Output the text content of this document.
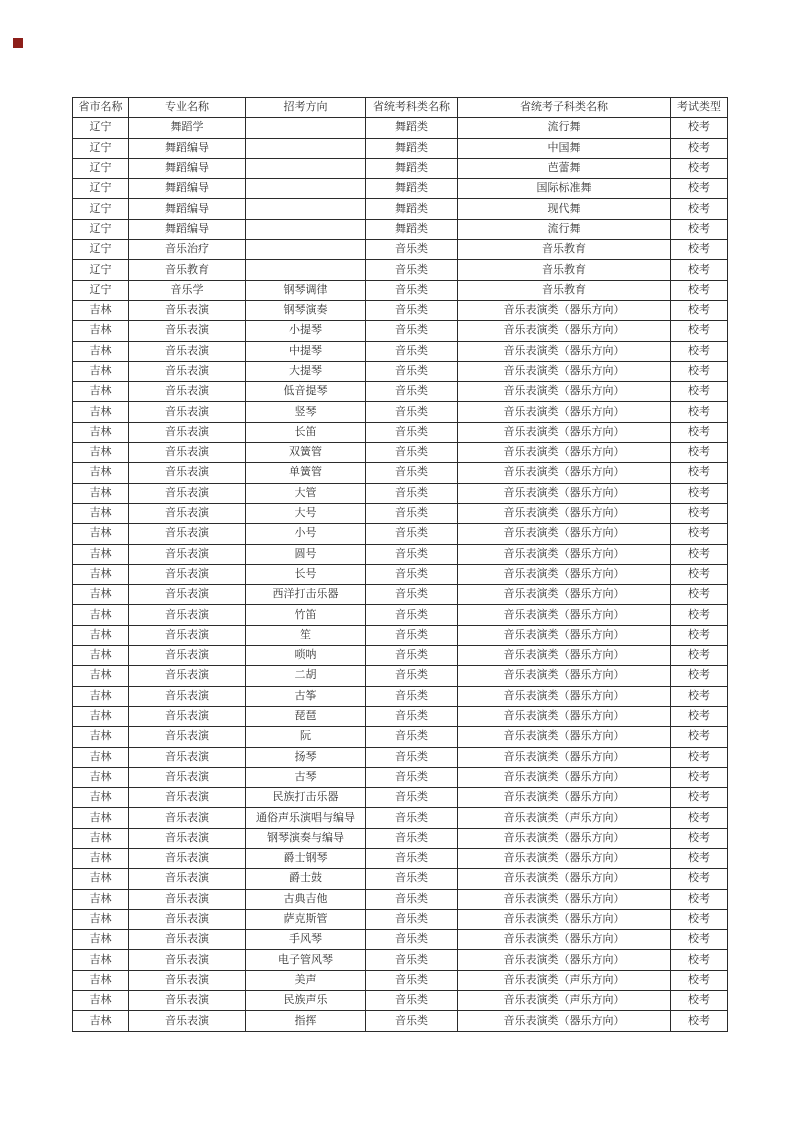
省市名称	专业名称	招考方向	省统考科类名称	省统考子科类名称	考试类型
辽宁	舞蹈学		舞蹈类	流行舞	校考
辽宁	舞蹈编导		舞蹈类	中国舞	校考
辽宁	舞蹈编导		舞蹈类	芭蕾舞	校考
辽宁	舞蹈编导		舞蹈类	国际标准舞	校考
辽宁	舞蹈编导		舞蹈类	现代舞	校考
辽宁	舞蹈编导		舞蹈类	流行舞	校考
辽宁	音乐治疗		音乐类	音乐教育	校考
辽宁	音乐教育		音乐类	音乐教育	校考
辽宁	音乐学	钢琴调律	音乐类	音乐教育	校考
吉林	音乐表演	钢琴演奏	音乐类	音乐表演类（器乐方向）	校考
吉林	音乐表演	小提琴	音乐类	音乐表演类（器乐方向）	校考
吉林	音乐表演	中提琴	音乐类	音乐表演类（器乐方向）	校考
吉林	音乐表演	大提琴	音乐类	音乐表演类（器乐方向）	校考
吉林	音乐表演	低音提琴	音乐类	音乐表演类（器乐方向）	校考
吉林	音乐表演	竖琴	音乐类	音乐表演类（器乐方向）	校考
吉林	音乐表演	长笛	音乐类	音乐表演类（器乐方向）	校考
吉林	音乐表演	双簧管	音乐类	音乐表演类（器乐方向）	校考
吉林	音乐表演	单簧管	音乐类	音乐表演类（器乐方向）	校考
吉林	音乐表演	大管	音乐类	音乐表演类（器乐方向）	校考
吉林	音乐表演	大号	音乐类	音乐表演类（器乐方向）	校考
吉林	音乐表演	小号	音乐类	音乐表演类（器乐方向）	校考
吉林	音乐表演	圆号	音乐类	音乐表演类（器乐方向）	校考
吉林	音乐表演	长号	音乐类	音乐表演类（器乐方向）	校考
吉林	音乐表演	西洋打击乐器	音乐类	音乐表演类（器乐方向）	校考
吉林	音乐表演	竹笛	音乐类	音乐表演类（器乐方向）	校考
吉林	音乐表演	笙	音乐类	音乐表演类（器乐方向）	校考
吉林	音乐表演	唢呐	音乐类	音乐表演类（器乐方向）	校考
吉林	音乐表演	二胡	音乐类	音乐表演类（器乐方向）	校考
吉林	音乐表演	古筝	音乐类	音乐表演类（器乐方向）	校考
吉林	音乐表演	琵琶	音乐类	音乐表演类（器乐方向）	校考
吉林	音乐表演	阮	音乐类	音乐表演类（器乐方向）	校考
吉林	音乐表演	扬琴	音乐类	音乐表演类（器乐方向）	校考
吉林	音乐表演	古琴	音乐类	音乐表演类（器乐方向）	校考
吉林	音乐表演	民族打击乐器	音乐类	音乐表演类（器乐方向）	校考
吉林	音乐表演	通俗声乐演唱与编导	音乐类	音乐表演类（声乐方向）	校考
吉林	音乐表演	钢琴演奏与编导	音乐类	音乐表演类（器乐方向）	校考
吉林	音乐表演	爵士钢琴	音乐类	音乐表演类（器乐方向）	校考
吉林	音乐表演	爵士鼓	音乐类	音乐表演类（器乐方向）	校考
吉林	音乐表演	古典吉他	音乐类	音乐表演类（器乐方向）	校考
吉林	音乐表演	萨克斯管	音乐类	音乐表演类（器乐方向）	校考
吉林	音乐表演	手风琴	音乐类	音乐表演类（器乐方向）	校考
吉林	音乐表演	电子管风琴	音乐类	音乐表演类（器乐方向）	校考
吉林	音乐表演	美声	音乐类	音乐表演类（声乐方向）	校考
吉林	音乐表演	民族声乐	音乐类	音乐表演类（声乐方向）	校考
吉林	音乐表演	指挥	音乐类	音乐表演类（器乐方向）	校考
